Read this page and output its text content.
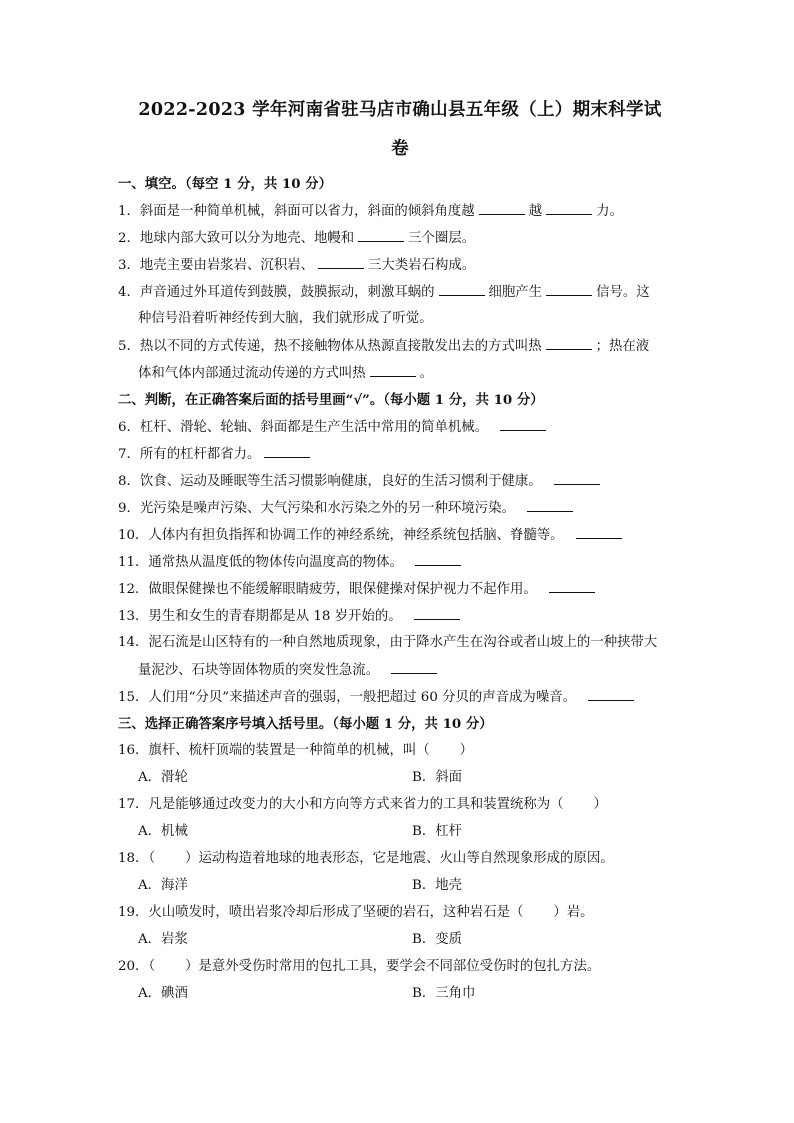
2022-2023 学年河南省驻马店市确山县五年级（上）期末科学试
卷
一、填空。（每空 1 分，共 10 分）
1．斜面是一种简单机械，斜面可以省力，斜面的倾斜角度越	越	力。
2．地球内部大致可以分为地壳、地幔和	三个圈层。
3．地壳主要由岩浆岩、沉积岩、	三大类岩石构成。
4．声音通过外耳道传到鼓膜，鼓膜振动，刺激耳蜗的	细胞产生	信号。这
种信号沿着听神经传到大脑，我们就形成了听觉。
5．热以不同的方式传递，热不接触物体从热源直接散发出去的方式叫热	；热在液
体和气体内部通过流动传递的方式叫热	。
二、判断，在正确答案后面的括号里画“√”。（每小题 1 分，共 10 分）
6．杠杆、滑轮、轮轴、斜面都是生产生活中常用的简单机械。
7．所有的杠杆都省力。
8．饮食、运动及睡眠等生活习惯影响健康，良好的生活习惯利于健康。
9．光污染是噪声污染、大气污染和水污染之外的另一种环境污染。
10．人体内有担负指挥和协调工作的神经系统，神经系统包括脑、脊髓等。
11．通常热从温度低的物体传向温度高的物体。
12．做眼保健操也不能缓解眼睛疲劳，眼保健操对保护视力不起作用。
13．男生和女生的青春期都是从 18 岁开始的。
14．泥石流是山区特有的一种自然地质现象，由于降水产生在沟谷或者山坡上的一种挟带大
量泥沙、石块等固体物质的突发性急流。
15．人们用“分贝”来描述声音的强弱，一般把超过 60 分贝的声音成为噪音。
三、选择正确答案序号填入括号里。（每小题 1 分，共 10 分）
16．旗杆、梳杆顶端的装置是一种简单的机械，叫（ ）
A．滑轮	B．斜面
17．凡是能够通过改变力的大小和方向等方式来省力的工具和装置统称为（ ）
A．机械	B．杠杆
18．（ ）运动构造着地球的地表形态，它是地震、火山等自然现象形成的原因。
A．海洋	B．地壳
19．火山喷发时，喷出岩浆冷却后形成了坚硬的岩石，这种岩石是（ ）岩。
A．岩浆	B．变质
20．（ ）是意外受伤时常用的包扎工具，要学会不同部位受伤时的包扎方法。
A．碘酒	B．三角巾
